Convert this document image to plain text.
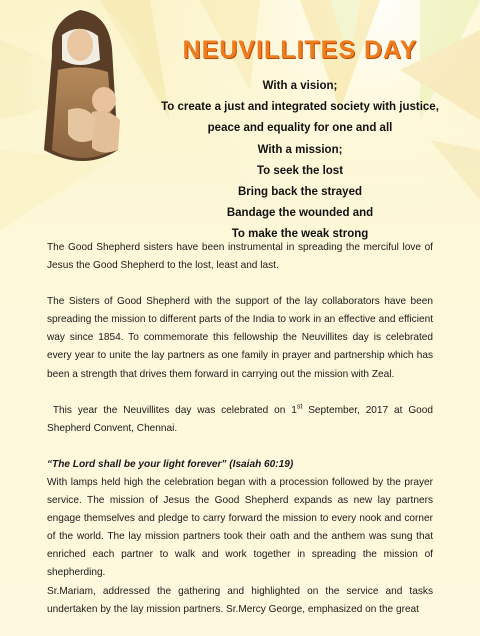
NEUVILLITES DAY
With a vision;
To create a just and integrated society with justice,
peace and equality for one and all
With a mission;
To seek the lost
Bring back the strayed
Bandage the wounded and
To make the weak strong

The Good Shepherd sisters have been instrumental in spreading the merciful love of Jesus the Good Shepherd to the lost, least and last.

The Sisters of Good Shepherd with the support of the lay collaborators have been spreading the mission to different parts of the India to work in an effective and efficient way since 1854. To commemorate this fellowship the Neuvillites day is celebrated every year to unite the lay partners as one family in prayer and partnership which has been a strength that drives them forward in carrying out the mission with Zeal.

This year the Neuvillites day was celebrated on 1st September, 2017 at Good Shepherd Convent, Chennai.

“The Lord shall be your light forever” (Isaiah 60:19)

With lamps held high the celebration began with a procession followed by the prayer service. The mission of Jesus the Good Shepherd expands as new lay partners engage themselves and pledge to carry forward the mission to every nook and corner of the world. The lay mission partners took their oath and the anthem was sung that enriched each partner to walk and work together in spreading the mission of shepherding.

Sr.Mariam, addressed the gathering and highlighted on the service and tasks undertaken by the lay mission partners. Sr.Mercy George, emphasized on the great
